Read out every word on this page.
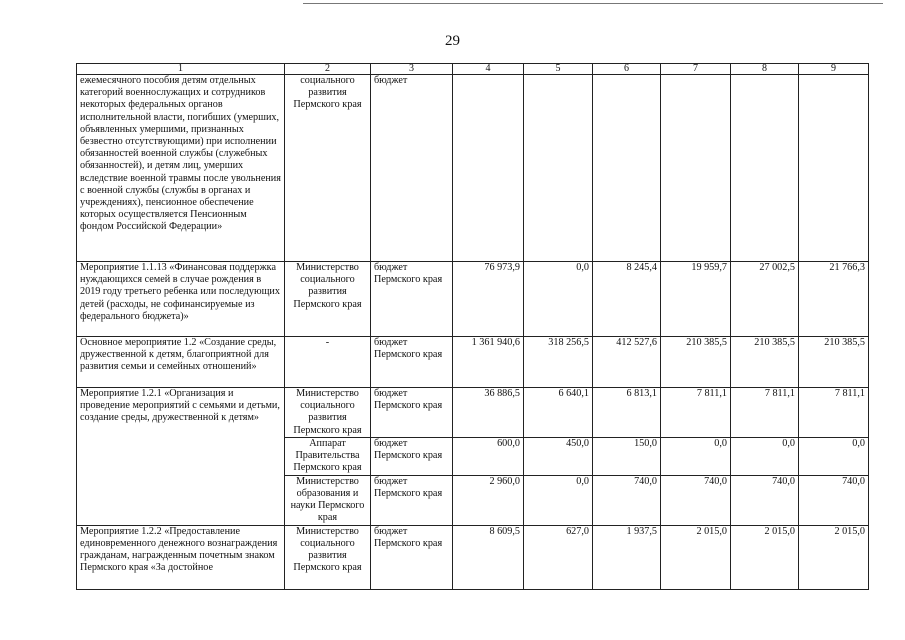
29
1	2	3	4	5	6	7	8	9
ежемесячного пособия детям отдельных категорий военнослужащих и сотрудников некоторых федеральных органов исполнительной власти, погибших (умерших, объявленных умершими, признанных безвестно отсутствующими) при исполнении обязанностей военной службы (служебных обязанностей), и детям лиц, умерших вследствие военной травмы после увольнения с военной службы (службы в органах и учреждениях), пенсионное обеспечение которых осуществляется Пенсионным фондом Российской Федерации»	социального развития Пермского края	бюджет						
Мероприятие 1.1.13 «Финансовая поддержка нуждающихся семей в случае рождения в 2019 году третьего ребенка или последующих детей (расходы, не софинансируемые из федерального бюджета)»	Министерство социального развития Пермского края	бюджет Пермского края	76 973,9	0,0	8 245,4	19 959,7	27 002,5	21 766,3
Основное мероприятие 1.2 «Создание среды, дружественной к детям, благоприятной для развития семьи и семейных отношений»	-	бюджет Пермского края	1 361 940,6	318 256,5	412 527,6	210 385,5	210 385,5	210 385,5
Мероприятие 1.2.1 «Организация и проведение мероприятий с семьями и детьми, создание среды, дружественной к детям»	Министерство социального развития Пермского края	бюджет Пермского края	36 886,5	6 640,1	6 813,1	7 811,1	7 811,1	7 811,1
	Аппарат Правительства Пермского края	бюджет Пермского края	600,0	450,0	150,0	0,0	0,0	0,0
	Министерство образования и науки Пермского края	бюджет Пермского края	2 960,0	0,0	740,0	740,0	740,0	740,0
Мероприятие 1.2.2 «Предоставление единовременного денежного вознаграждения гражданам, награжденным почетным знаком Пермского края «За достойное	Министерство социального развития Пермского края	бюджет Пермского края	8 609,5	627,0	1 937,5	2 015,0	2 015,0	2 015,0
